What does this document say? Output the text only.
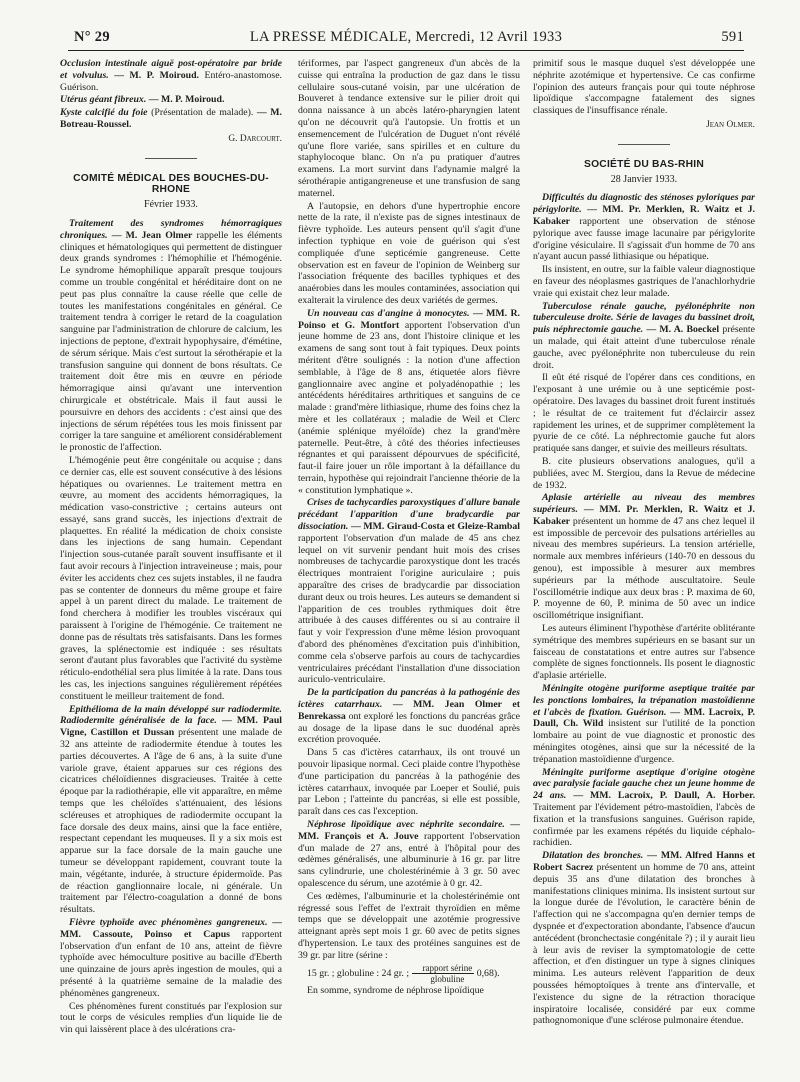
N° 29	LA PRESSE MÉDICALE, Mercredi, 12 Avril 1933	591

Occlusion intestinale aiguë post-opératoire par bride et volvulus. — M. P. Moiroud. Entéro-anastomose. Guérison.

Utérus géant fibreux. — M. P. Moiroud.

Kyste calcifié du foie (Présentation de malade). — M. Botreau-Roussel.

G. Darcourt.
COMITÉ MÉDICAL DES BOUCHES-DU-RHONE
Février 1933.

Traitement des syndromes hémorragiques chroniques. — M. Jean Olmer rappelle les éléments cliniques et hématologiques qui permettent de distinguer deux grands syndromes : l'hémophilie et l'hémogénie. Le syndrome hémophilique apparaît presque toujours comme un trouble congénital et héréditaire dont on ne peut pas plus connaître la cause réelle que celle de toutes les manifestations congénitales en général. Ce traitement tendra à corriger le retard de la coagulation sanguine par l'administration de chlorure de calcium, les injections de peptone, d'extrait hypophysaire, d'émétine, de sérum sérique. Mais c'est surtout la sérothérapie et la transfusion sanguine qui donnent de bons résultats. Ce traitement doit être mis en œuvre en période hémorragique ainsi qu'avant une intervention chirurgicale et obstétricale. Mais il faut aussi le poursuivre en dehors des accidents : c'est ainsi que des injections de sérum répétées tous les mois finissent par corriger la tare sanguine et améliorent considérablement le pronostic de l'affection.

L'hémogénie peut être congénitale ou acquise ; dans ce dernier cas, elle est souvent consécutive à des lésions hépatiques ou ovariennes. Le traitement mettra en œuvre, au moment des accidents hémorragiques, la médication vaso-constrictive ; certains auteurs ont essayé, sans grand succès, les injections d'extrait de plaquettes. En réalité la médication de choix consiste dans les injections de sang humain. Cependant l'injection sous-cutanée paraît souvent insuffisante et il faut avoir recours à l'injection intraveineuse ; mais, pour éviter les accidents chez ces sujets instables, il ne faudra pas se contenter de donneurs du même groupe et faire appel à un parent direct du malade. Le traitement de fond cherchera à modifier les troubles viscéraux qui paraissent à l'origine de l'hémogénie. Ce traitement ne donne pas de résultats très satisfaisants. Dans les formes graves, la splénectomie est indiquée : ses résultats seront d'autant plus favorables que l'activité du système réticulo-endothélial sera plus limitée à la rate. Dans tous les cas, les injections sanguines régulièrement répétées constituent le meilleur traitement de fond.

Epithélioma de la main développé sur radiodermite. Radiodermite généralisée de la face. — MM. Paul Vigne, Castillon et Dussan présentent une malade de 32 ans atteinte de radiodermite étendue à toutes les parties découvertes. A l'âge de 6 ans, à la suite d'une variole grave, étaient apparues sur ces régions des cicatrices chéloïdiennes disgracieuses. Traitée à cette époque par la radiothérapie, elle vit apparaître, en même temps que les chéloïdes s'atténuaient, des lésions scléreuses et atrophiques de radiodermite occupant la face dorsale des deux mains, ainsi que la face entière, respectant cependant les muqueuses. Il y a six mois est apparue sur la face dorsale de la main gauche une tumeur se développant rapidement, couvrant toute la main, végétante, indurée, à structure épidermoïde. Pas de réaction ganglionnaire locale, ni générale. Un traitement par l'électro-coagulation a donné de bons résultats.

Fièvre typhoïde avec phénomènes gangreneux. — MM. Cassoute, Poinso et Capus rapportent l'observation d'un enfant de 10 ans, atteint de fièvre typhoïde avec hémoculture positive au bacille d'Eberth une quinzaine de jours après ingestion de moules, qui a présenté à la quatrième semaine de la maladie des phénomènes gangreneux.

Ces phénomènes furent constitués par l'explosion sur tout le corps de vésicules remplies d'un liquide lie de vin qui laissèrent place à des ulcérations cra-

tériformes, par l'aspect gangreneux d'un abcès de la cuisse qui entraîna la production de gaz dans le tissu cellulaire sous-cutané voisin, par une ulcération de Bouveret à tendance extensive sur le pilier droit qui donna naissance à un abcès latéro-pharyngien latent qu'on ne découvrit qu'à l'autopsie. Un frottis et un ensemencement de l'ulcération de Duguet n'ont révélé qu'une flore variée, sans spirilles et en culture du staphylocoque blanc. On n'a pu pratiquer d'autres examens. La mort survint dans l'adynamie malgré la sérothérapie antigangreneuse et une transfusion de sang maternel.

A l'autopsie, en dehors d'une hypertrophie encore nette de la rate, il n'existe pas de signes intestinaux de fièvre typhoïde. Les auteurs pensent qu'il s'agit d'une infection typhique en voie de guérison qui s'est compliquée d'une septicémie gangreneuse. Cette observation est en faveur de l'opinion de Weinberg sur l'association fréquente des bacilles typhiques et des anaérobies dans les moules contaminées, association qui exalterait la virulence des deux variétés de germes.

Un nouveau cas d'angine à monocytes. — MM. R. Poinso et G. Montfort apportent l'observation d'un jeune homme de 23 ans, dont l'histoire clinique et les examens de sang sont tout à fait typiques. Deux points méritent d'être soulignés : la notion d'une affection semblable, à l'âge de 8 ans, étiquetée alors fièvre ganglionnaire avec angine et polyadénopathie ; les antécédents héréditaires arthritiques et sanguins de ce malade : grand'mère lithiasique, rhume des foins chez la mère et les collatéraux ; maladie de Weil et Clerc (anémie splénique myéloïde) chez la grand'mère paternelle. Peut-être, à côté des théories infectieuses régnantes et qui paraissent dépourvues de spécificité, faut-il faire jouer un rôle important à la défaillance du terrain, hypothèse qui rejoindrait l'ancienne théorie de la « constitution lymphatique ».

Crises de tachycardies paroxystiques d'allure banale précédant l'apparition d'une bradycardie par dissociation. — MM. Giraud-Costa et Gleize-Rambal rapportent l'observation d'un malade de 45 ans chez lequel on vit survenir pendant huit mois des crises nombreuses de tachycardie paroxystique dont les tracés électriques montraient l'origine auriculaire ; puis apparaître des crises de bradycardie par dissociation durant deux ou trois heures. Les auteurs se demandent si l'apparition de ces troubles rythmiques doit être attribuée à des causes différentes ou si au contraire il faut y voir l'expression d'une même lésion provoquant d'abord des phénomènes d'excitation puis d'inhibition, comme cela s'observe parfois au cours de tachycardies ventriculaires précédant l'installation d'une dissociation auriculo-ventriculaire.

De la participation du pancréas à la pathogénie des ictères catarrhaux. — MM. Jean Olmer et Benrekassa ont exploré les fonctions du pancréas grâce au dosage de la lipase dans le suc duodénal après excrétion provoquée.

Dans 5 cas d'ictères catarrhaux, ils ont trouvé un pouvoir lipasique normal. Ceci plaide contre l'hypothèse d'une participation du pancréas à la pathogénie des ictères catarrhaux, invoquée par Loeper et Soulié, puis par Lebon ; l'atteinte du pancréas, si elle est possible, paraît dans ces cas l'exception.

Néphrose lipoïdique avec néphrite secondaire. — MM. François et A. Jouve rapportent l'observation d'un malade de 27 ans, entré à l'hôpital pour des œdèmes généralisés, une albuminurie à 16 gr. par litre sans cylindrurie, une cholestérinémie à 3 gr. 50 avec opalescence du sérum, une azotémie à 0 gr. 42.

Ces œdèmes, l'albuminurie et la cholestérinémie ont régressé sous l'effet de l'extrait thyroïdien en même temps que se développait une azotémie progressive atteignant après sept mois 1 gr. 60 avec de petits signes d'hypertension. Le taux des protéines sanguines est de 39 gr. par litre (sérine :

15 gr. ; globuline : 24 gr. ; $\frac{\text{rapport sérine}}{\text{globuline}} 0,68$).

En somme, syndrome de néphrose lipoïdique

primitif sous le masque duquel s'est développée une néphrite azotémique et hypertensive. Ce cas confirme l'opinion des auteurs français pour qui toute néphrose lipoïdique s'accompagne fatalement des signes classiques de l'insuffisance rénale.

Jean Olmer.
SOCIÉTÉ DU BAS-RHIN
28 Janvier 1933.

Difficultés du diagnostic des sténoses pyloriques par périgylorite. — MM. Pr. Merklen, R. Waitz et J. Kabaker rapportent une observation de sténose pylorique avec fausse image lacunaire par périgylorite d'origine vésiculaire. Il s'agissait d'un homme de 70 ans n'ayant aucun passé lithiasique ou hépatique.

Ils insistent, en outre, sur la faible valeur diagnostique en faveur des néoplasmes gastriques de l'anachlorhydrie vraie qui existait chez leur malade.

Tuberculose rénale gauche, pyélonéphrite non tuberculeuse droite. Série de lavages du bassinet droit, puis néphrectomie gauche. — M. A. Boeckel présente un malade, qui était atteint d'une tuberculose rénale gauche, avec pyélonéphrite non tuberculeuse du rein droit.

Il eût été risqué de l'opérer dans ces conditions, en l'exposant à une urémie ou à une septicémie post-opératoire. Des lavages du bassinet droit furent institués ; le résultat de ce traitement fut d'éclaircir assez rapidement les urines, et de supprimer complètement la pyurie de ce côté. La néphrectomie gauche fut alors pratiquée sans danger, et suivie des meilleurs résultats.

B. cite plusieurs observations analogues, qu'il a publiées, avec M. Stergiou, dans la Revue de médecine de 1932.

Aplasie artérielle au niveau des membres supérieurs. — MM. Pr. Merklen, R. Waitz et J. Kabaker présentent un homme de 47 ans chez lequel il est impossible de percevoir des pulsations artérielles au niveau des membres supérieurs. La tension artérielle, normale aux membres inférieurs (140-70 en dessous du genou), est impossible à mesurer aux membres supérieurs par la méthode auscultatoire. Seule l'oscillométrie indique aux deux bras : P. maxima de 60, P. moyenne de 60, P. minima de 50 avec un indice oscillométrique insignifiant.

Les auteurs éliminent l'hypothèse d'artérite oblitérante symétrique des membres supérieurs en se basant sur un faisceau de constatations et entre autres sur l'absence complète de signes fonctionnels. Ils posent le diagnostic d'aplasie artérielle.

Méningite otogène puriforme aseptique traitée par les ponctions lombaires, la trépanation mastoïdienne et l'abcès de fixation. Guérison. — MM. Lacroix, P. Daull, Ch. Wild insistent sur l'utilité de la ponction lombaire au point de vue diagnostic et pronostic des méningites otogènes, ainsi que sur la nécessité de la trépanation mastoïdienne d'urgence.

Méningite puriforme aseptique d'origine otogène avec paralysie faciale gauche chez un jeune homme de 24 ans. — MM. Lacroix, P. Daull, A. Horber. Traitement par l'évidement pétro-mastoïdien, l'abcès de fixation et la transfusions sanguines. Guérison rapide, confirmée par les examens répétés du liquide céphalo-rachidien.

Dilatation des bronches. — MM. Alfred Hanns et Robert Sacrez présentent un homme de 70 ans, atteint depuis 35 ans d'une dilatation des bronches à manifestations cliniques minima. Ils insistent surtout sur la longue durée de l'évolution, le caractère bénin de l'affection qui ne s'accompagna qu'en dernier temps de dyspnée et d'expectoration abondante, l'absence d'aucun antécédent (bronchectasie congénitale ?) ; il y aurait lieu à leur avis de reviser la symptomatologie de cette affection, et d'en distinguer un type à signes cliniques minima. Les auteurs relèvent l'apparition de deux poussées hémoptoïques à trente ans d'intervalle, et l'existence du signe de la rétraction thoracique inspiratoire localisée, considéré par eux comme pathognomonique d'une sclérose pulmonaire étendue.
